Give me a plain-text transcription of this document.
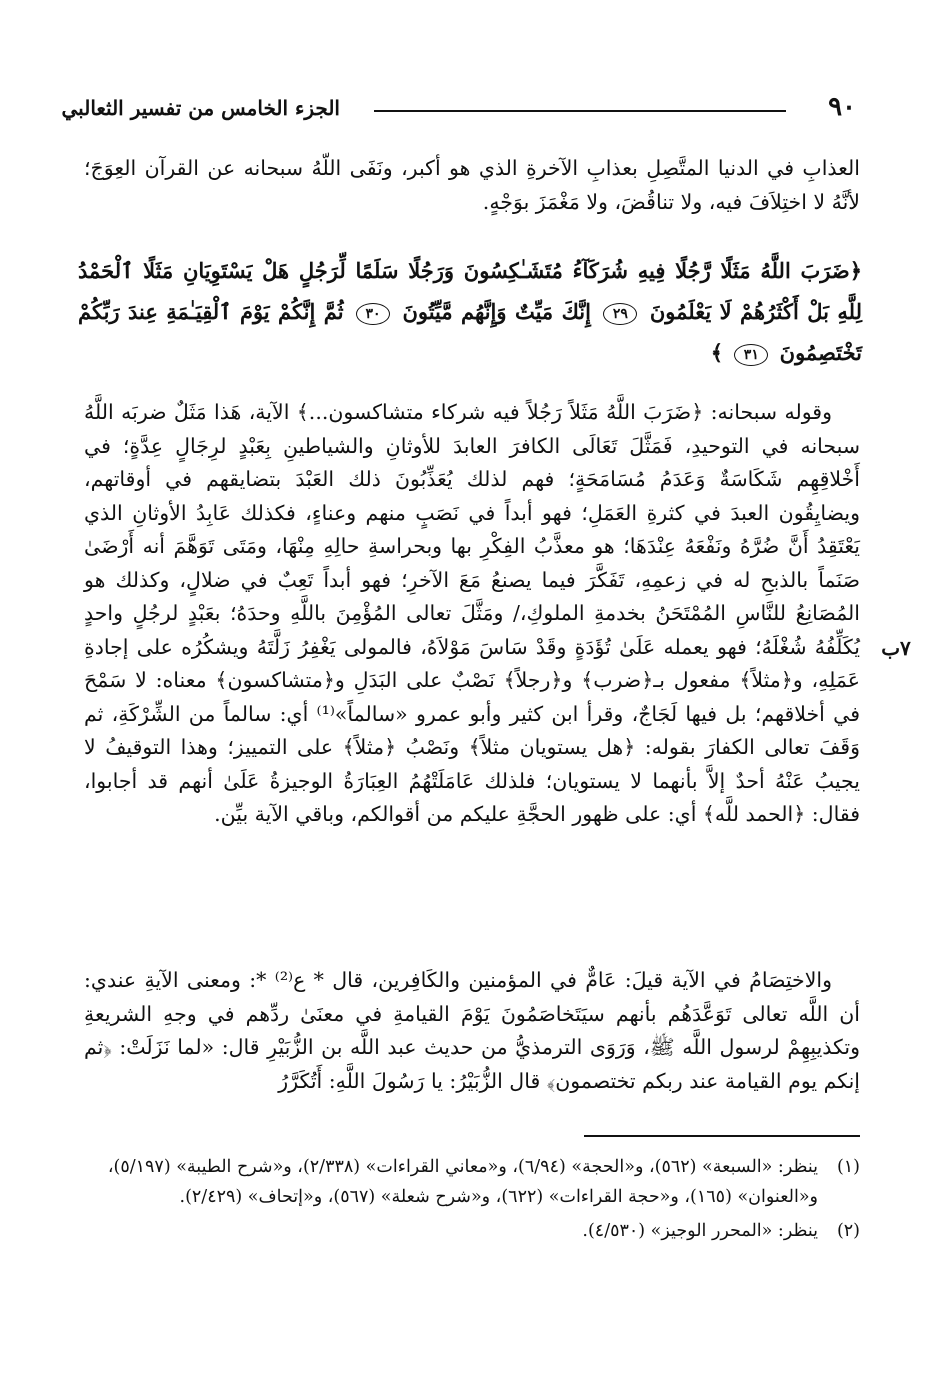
٩٠
الجزء الخامس من تفسير الثعالبي

العذابِ في الدنيا المتَّصِلِ بعذابِ الآخرةِ الذي هو أكبر، ونَفَى اللّهُ سبحانه عن القرآن العِوَجَ؛ لأنَّهُ لا اختِلاَفَ فيه، ولا تناقُضَ، ولا مَغْمَزَ بوَجْهٍ.

﴿ضَرَبَ اللَّهُ مَثَلًا رَّجُلًا فِيهِ شُرَكَآءُ مُتَشَـٰكِسُونَ وَرَجُلًا سَلَمًا لِّرَجُلٍ هَلْ يَسْتَوِيَانِ مَثَلًا ٱلْحَمْدُ لِلَّهِ بَلْ أَكْثَرُهُمْ لَا يَعْلَمُونَ ٢٩ إِنَّكَ مَيِّتٌ وَإِنَّهُم مَّيِّتُونَ ٣٠ ثُمَّ إِنَّكُمْ يَوْمَ ٱلْقِيَـٰمَةِ عِندَ رَبِّكُمْ تَخْتَصِمُونَ ٣١ ﴾

وقوله سبحانه: ﴿ضَرَبَ اللَّهُ مَثَلاً رَجُلاً فيه شركاء متشاكسون...﴾ الآية، هَذا مَثَلٌ ضربَه اللَّهُ سبحانه في التوحيدِ، فَمَثَّلَ تَعَالَى الكافرَ العابدَ للأوثانِ والشياطينِ بِعَبْدٍ لرِجَالٍ عِدَّةٍ؛ في أَخْلاقِهِم شَكَاسَةٌ وَعَدَمُ مُسَامَحَةٍ؛ فهم لذلك يُعَذِّبُونَ ذلك العَبْدَ بتضايقهم في أوقاتهم، ويضايِقُون العبدَ في كثرةِ العَمَلِ؛ فهو أبداً في نَصَبٍ منهم وعناءٍ، فكذلك عَابِدُ الأوثانِ الذي يَعْتَقِدُ أَنَّ ضُرَّهُ ونَفْعَهُ عِنْدَهَا؛ هو معذَّبُ الفِكْرِ بها وبحراسةِ حالِهِ مِنْهَا، ومَتَى تَوَهَّمَ أنه أَرْضَىٰ صَنَماً بالذبحِ له في زعمِهِ، تَفَكَّرَ فيما يصنعُ مَعَ الآخرِ؛ فهو أبداً تَعِبٌ في ضلالٍ، وكذلك هو المُصَانِعُ للنَّاسِ المُمْتَحَنُ بخدمةِ الملوكِ،/ ومَثَّلَ تعالى المُؤْمِنَ باللَّهِ وحدَهُ؛ بعَبْدٍ لرجُلٍ واحدٍ يُكَلِّفُهُ شُغْلَهُ؛ فهو يعمله عَلَىٰ تُؤَدَةٍ وقَدْ سَاسَ مَوْلاَهُ، فالمولى يَغْفِرُ زَلَّتَهُ ويشكُرُه على إجادةِ عَمَلِهِ، و﴿مثلاً﴾ مفعول بـ﴿ضرب﴾ و﴿رجلاً﴾ نَصْبٌ على البَدَلِ و﴿متشاكسون﴾ معناه: لا سَمْحَ في أخلاقهم؛ بل فيها لَجَاجٌ، وقرأ ابن كثير وأبو عمرو «سالماً»⁽¹⁾ أي: سالماً من الشِّرْكَةِ، ثم وَقَفَ تعالى الكفارَ بقوله: ﴿هل يستويان مثلاً﴾ ونَصْبُ ﴿مثلاً﴾ على التمييز؛ وهذا التوقيفُ لا يجيبُ عَنْهُ أحدٌ إلاَّ بأنهما لا يستويان؛ فلذلك عَامَلَتْهُمُ العِبَارَةُ الوجيزةُ عَلَىٰ أنهم قد أجابوا، فقال: ﴿الحمد للَّه﴾ أي: على ظهور الحجَّةِ عليكم من أقوالكم، وباقي الآية بيِّن.

٧ب

والاختِصَامُ في الآية قيلَ: عَامٌّ في المؤمنين والكَافِرين، قال * ع⁽²⁾ *: ومعنى الآيةِ عندي: أن اللَّه تعالى تَوَعَّدَهُم بأنهم سيَتَخاصَمُونَ يَوْمَ القيامةِ في معنَىٰ ردِّهم في وجهِ الشريعةِ وتكذيبِهِمْ لرسول اللَّه ﷺ، وَرَوَى الترمذيُّ من حديث عبد اللَّه بن الزُّبَيْرِ قال: «لما نَزَلَتْ: ﴿ثم إنكم يوم القيامة عند ربكم تختصمون﴾ قال الزُّبَيْرُ: يا رَسُولَ اللَّهِ: أَتُكَرَّرُ

(١)
ينظر: «السبعة» (٥٦٢)، و«الحجة» (٦/٩٤)، و«معاني القراءات» (٢/٣٣٨)، و«شرح الطيبة» (٥/١٩٧)، و«العنوان» (١٦٥)، و«حجة القراءات» (٦٢٢)، و«شرح شعلة» (٥٦٧)، و«إتحاف» (٢/٤٢٩).

(٢)
ينظر: «المحرر الوجيز» (٤/٥٣٠).
